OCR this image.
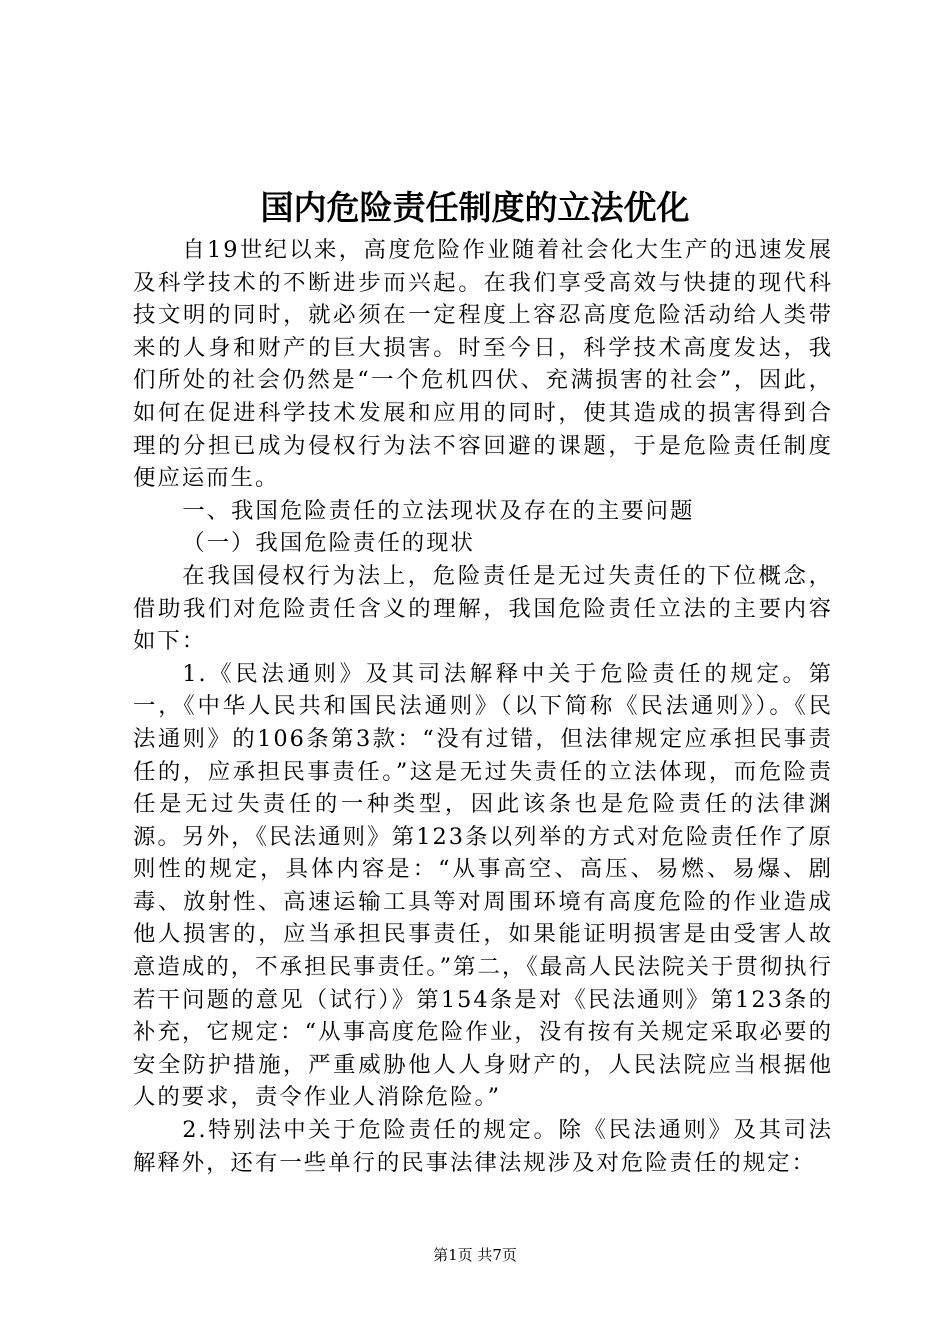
国内危险责任制度的立法优化

自19世纪以来，高度危险作业随着社会化大生产的迅速发展及科学技术的不断进步而兴起。在我们享受高效与快捷的现代科技文明的同时，就必须在一定程度上容忍高度危险活动给人类带来的人身和财产的巨大损害。时至今日，科学技术高度发达，我们所处的社会仍然是“一个危机四伏、充满损害的社会”，因此，如何在促进科学技术发展和应用的同时，使其造成的损害得到合理的分担已成为侵权行为法不容回避的课题，于是危险责任制度便应运而生。

一、我国危险责任的立法现状及存在的主要问题

（一）我国危险责任的现状

在我国侵权行为法上，危险责任是无过失责任的下位概念，借助我们对危险责任含义的理解，我国危险责任立法的主要内容如下：

1.《民法通则》及其司法解释中关于危险责任的规定。第一，《中华人民共和国民法通则》（以下简称《民法通则》）。《民法通则》的106条第3款：“没有过错，但法律规定应承担民事责任的，应承担民事责任。”这是无过失责任的立法体现，而危险责任是无过失责任的一种类型，因此该条也是危险责任的法律渊源。另外，《民法通则》第123条以列举的方式对危险责任作了原则性的规定，具体内容是：“从事高空、高压、易燃、易爆、剧毒、放射性、高速运输工具等对周围环境有高度危险的作业造成他人损害的，应当承担民事责任，如果能证明损害是由受害人故意造成的，不承担民事责任。”第二，《最高人民法院关于贯彻执行若干问题的意见（试行）》第154条是对《民法通则》第123条的补充，它规定：“从事高度危险作业，没有按有关规定采取必要的安全防护措施，严重威胁他人人身财产的，人民法院应当根据他人的要求，责令作业人消除危险。”

2.特别法中关于危险责任的规定。除《民法通则》及其司法解释外，还有一些单行的民事法律法规涉及对危险责任的规定：

第1页 共7页
